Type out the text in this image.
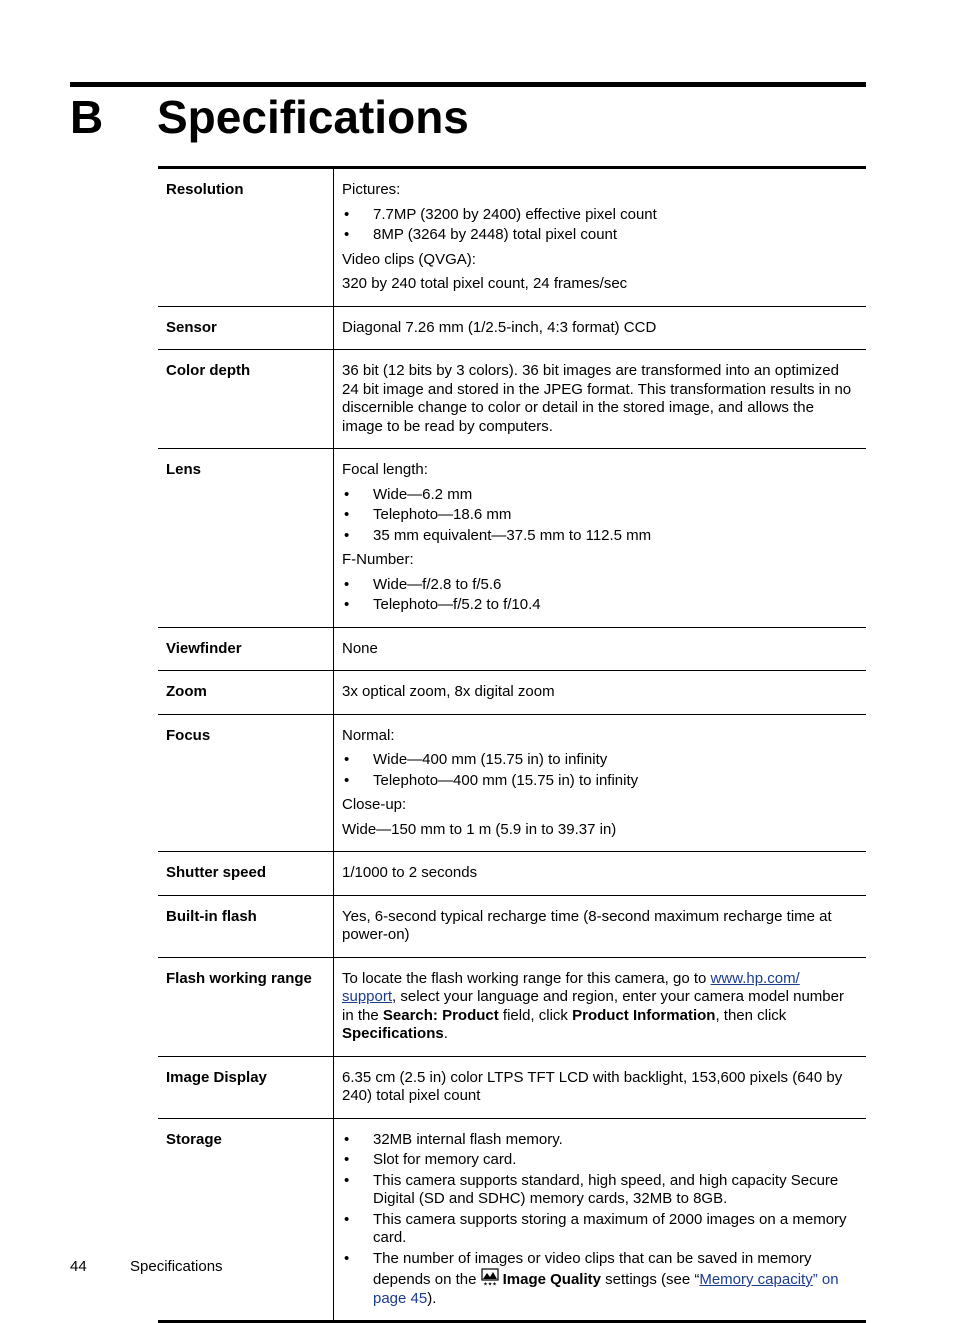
B Specifications
Resolution	Pictures:
• 7.7MP (3200 by 2400) effective pixel count
• 8MP (3264 by 2448) total pixel count
Video clips (QVGA):
320 by 240 total pixel count, 24 frames/sec
Sensor	Diagonal 7.26 mm (1/2.5-inch, 4:3 format) CCD
Color depth	36 bit (12 bits by 3 colors). 36 bit images are transformed into an optimized 24 bit image and stored in the JPEG format. This transformation results in no discernible change to color or detail in the stored image, and allows the image to be read by computers.
Lens	Focal length:
• Wide—6.2 mm
• Telephoto—18.6 mm
• 35 mm equivalent—37.5 mm to 112.5 mm
F-Number:
• Wide—f/2.8 to f/5.6
• Telephoto—f/5.2 to f/10.4
Viewfinder	None
Zoom	3x optical zoom, 8x digital zoom
Focus	Normal:
• Wide—400 mm (15.75 in) to infinity
• Telephoto—400 mm (15.75 in) to infinity
Close-up:
Wide—150 mm to 1 m (5.9 in to 39.37 in)
Shutter speed	1/1000 to 2 seconds
Built-in flash	Yes, 6-second typical recharge time (8-second maximum recharge time at power-on)
Flash working range	To locate the flash working range for this camera, go to www.hp.com/
support, select your language and region, enter your camera model number in the Search: Product field, click Product Information, then click Specifications.
Image Display	6.35 cm (2.5 in) color LTPS TFT LCD with backlight, 153,600 pixels (640 by 240) total pixel count
Storage
•	32MB internal flash memory.
• Slot for memory card.
• This camera supports standard, high speed, and high capacity Secure Digital (SD and SDHC) memory cards, 32MB to 8GB.
• This camera supports storing a maximum of 2000 images on a memory card.
• The number of images or video clips that can be saved in memory depends on the ★★★ Image Quality settings (see “Memory capacity” on page 45).
44	Specifications
